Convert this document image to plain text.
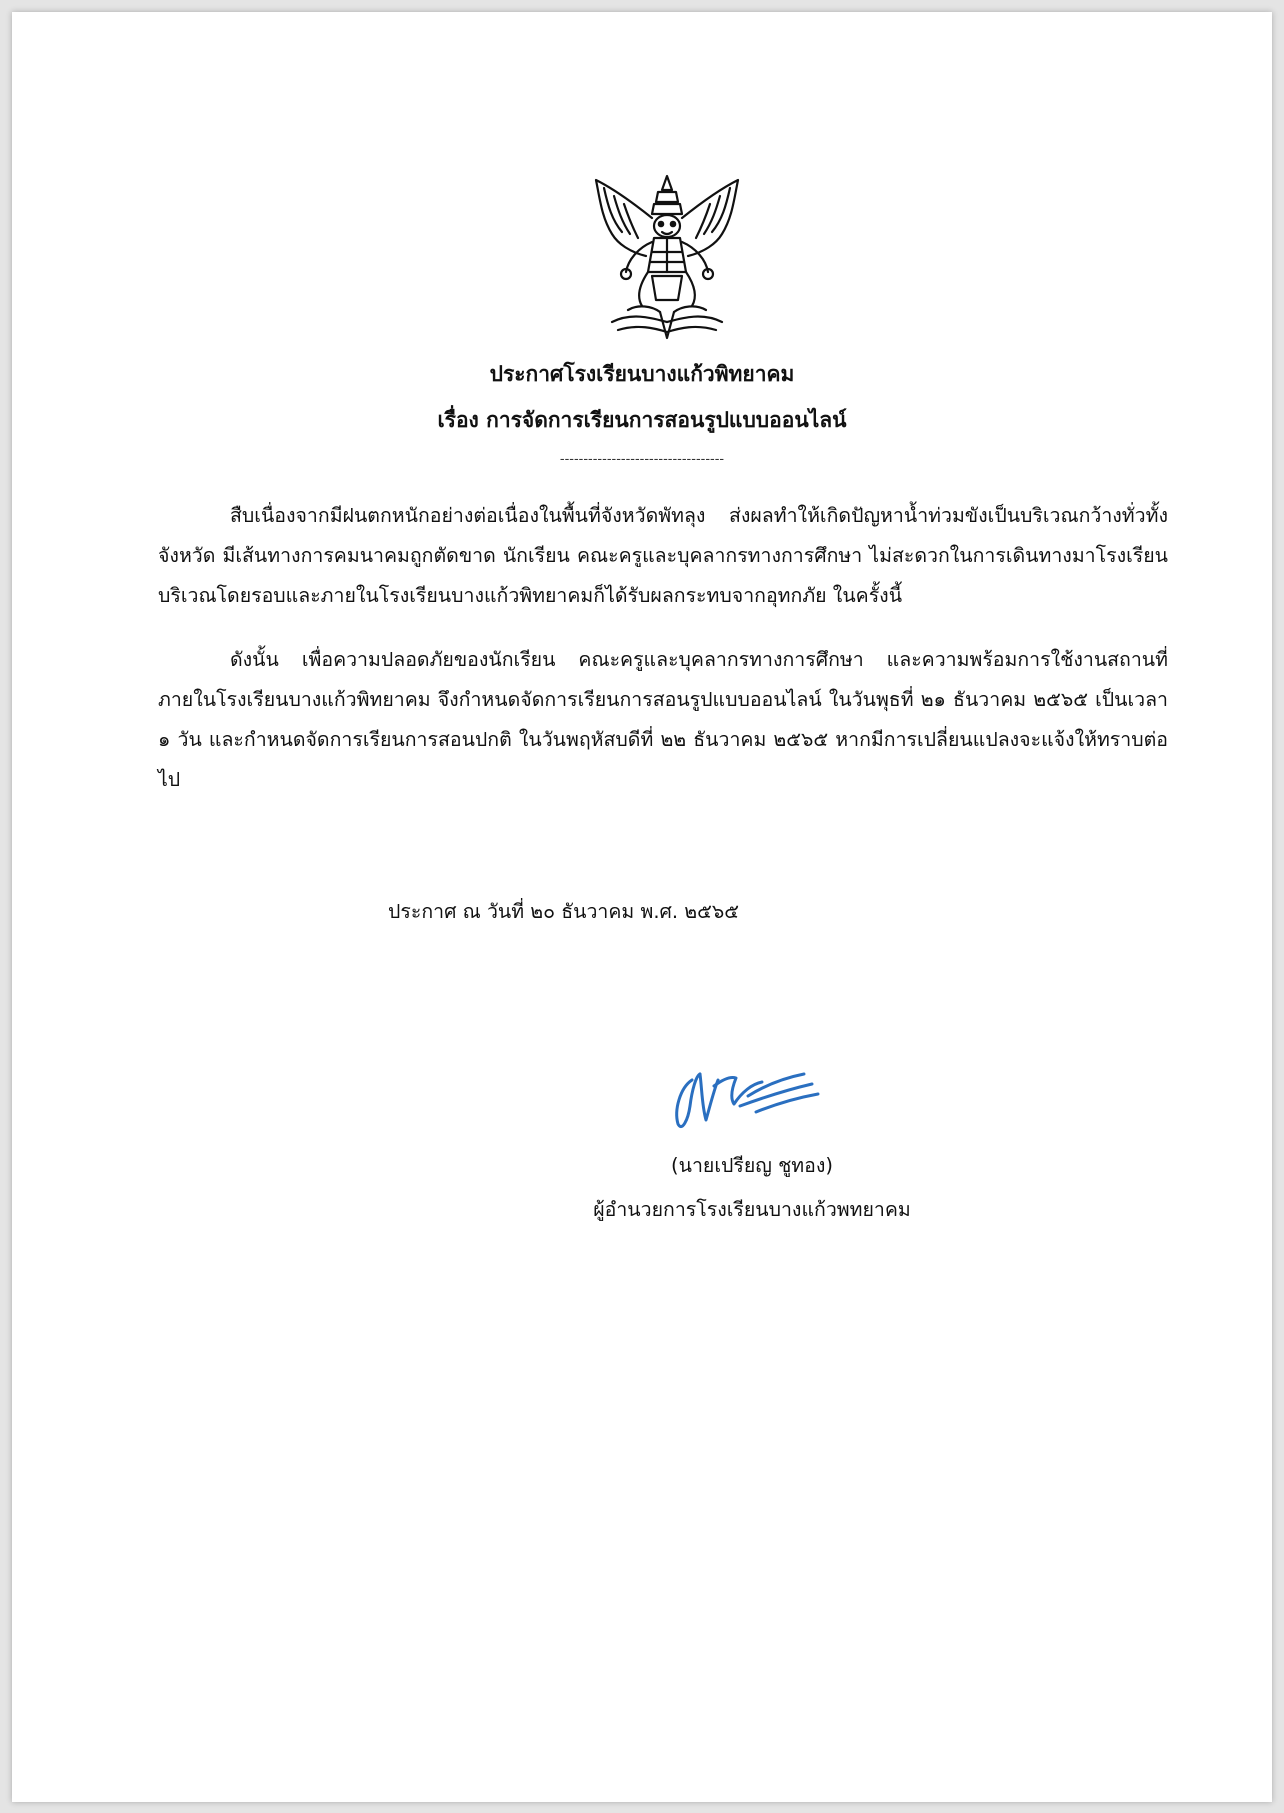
ประกาศโรงเรียนบางแก้วพิทยาคม
เรื่อง การจัดการเรียนการสอนรูปแบบออนไลน์
-----------------------------------

สืบเนื่องจากมีฝนตกหนักอย่างต่อเนื่องในพื้นที่จังหวัดพัทลุง ส่งผลทำให้เกิดปัญหาน้ำท่วมขังเป็นบริเวณกว้างทั่วทั้งจังหวัด มีเส้นทางการคมนาคมถูกตัดขาด นักเรียน คณะครูและบุคลากรทางการศึกษา ไม่สะดวกในการเดินทางมาโรงเรียน บริเวณโดยรอบและภายในโรงเรียนบางแก้วพิทยาคมก็ได้รับผลกระทบจากอุทกภัย ในครั้งนี้

ดังนั้น เพื่อความปลอดภัยของนักเรียน คณะครูและบุคลากรทางการศึกษา และความพร้อมการใช้งานสถานที่ภายในโรงเรียนบางแก้วพิทยาคม จึงกำหนดจัดการเรียนการสอนรูปแบบออนไลน์ ในวันพุธที่ ๒๑ ธันวาคม ๒๕๖๕ เป็นเวลา ๑ วัน และกำหนดจัดการเรียนการสอนปกติ ในวันพฤหัสบดีที่ ๒๒ ธันวาคม ๒๕๖๕ หากมีการเปลี่ยนแปลงจะแจ้งให้ทราบต่อไป

ประกาศ ณ วันที่ ๒๐ ธันวาคม พ.ศ. ๒๕๖๕

(นายเปรียญ ชูทอง)

ผู้อำนวยการโรงเรียนบางแก้วพทยาคม
